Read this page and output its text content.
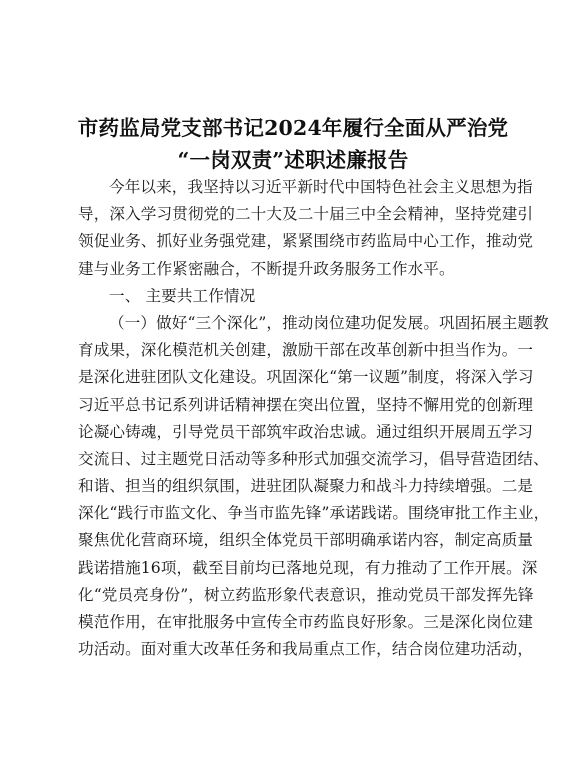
市药监局党支部书记2024年履行全面从严治党
“一岗双责”述职述廉报告
今年以来，我坚持以习近平新时代中国特色社会主义思想为指
导，深入学习贯彻党的二十大及二十届三中全会精神，坚持党建引
领促业务、抓好业务强党建，紧紧围绕市药监局中心工作，推动党
建与业务工作紧密融合，不断提升政务服务工作水平。
一、 主要共工作情况
（一）做好“三个深化”，推动岗位建功促发展。巩固拓展主题教
育成果，深化模范机关创建，激励干部在改革创新中担当作为。一
是深化进驻团队文化建设。巩固深化“第一议题”制度，将深入学习
习近平总书记系列讲话精神摆在突出位置，坚持不懈用党的创新理
论凝心铸魂，引导党员干部筑牢政治忠诚。通过组织开展周五学习
交流日、过主题党日活动等多种形式加强交流学习，倡导营造团结、
和谐、担当的组织氛围，进驻团队凝聚力和战斗力持续增强。二是
深化“践行市监文化、争当市监先锋”承诺践诺。围绕审批工作主业，
聚焦优化营商环境，组织全体党员干部明确承诺内容，制定高质量
践诺措施16项，截至目前均已落地兑现，有力推动了工作开展。深
化“党员亮身份”，树立药监形象代表意识，推动党员干部发挥先锋
模范作用，在审批服务中宣传全市药监良好形象。三是深化岗位建
功活动。面对重大改革任务和我局重点工作，结合岗位建功活动，
